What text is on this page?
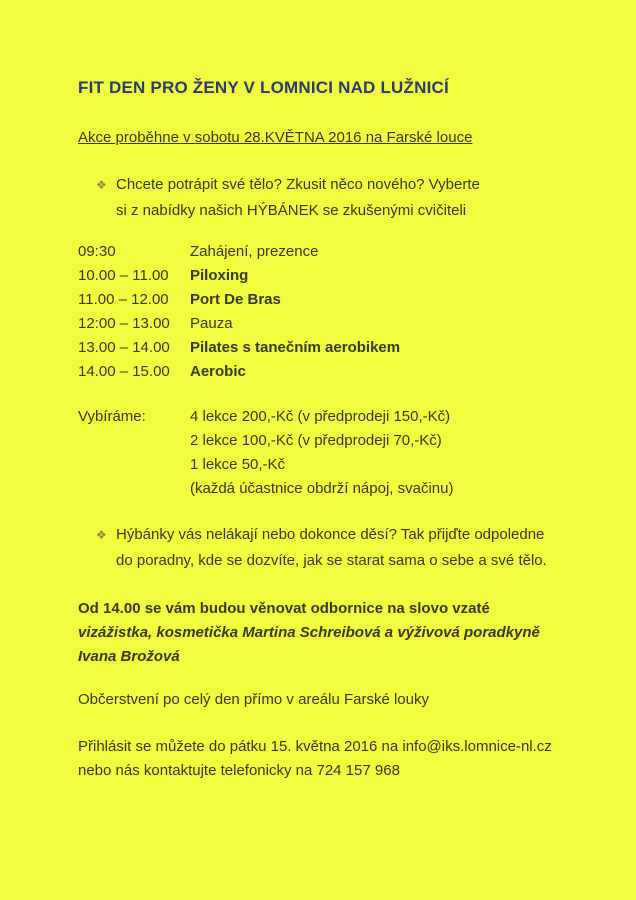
FIT DEN PRO ŽENY V LOMNICI NAD LUŽNICÍ
Akce proběhne v sobotu 28.KVĚTNA 2016 na Farské louce
❖ Chcete potrápit své tělo? Zkusit něco nového? Vyberte
si z nabídky našich HÝBÁNEK se zkušenými cvičiteli
09:30	Zahájení, prezence
10.00 – 11.00 Piloxing
11.00 – 12.00 Port De Bras
12:00 – 13.00 Pauza
13.00 – 14.00 Pilates s tanečním aerobikem
14.00 – 15.00 Aerobic
Vybíráme:	4 lekce 200,-Kč (v předprodeji 150,-Kč)
2 lekce 100,-Kč (v předprodeji 70,-Kč)
1 lekce 50,-Kč
(každá účastnice obdrží nápoj, svačinu)
❖ Hýbánky vás nelákají nebo dokonce děsí? Tak přijďte odpoledne
do poradny, kde se dozvíte, jak se starat sama o sebe a své tělo.
Od 14.00 se vám budou věnovat odbornice na slovo vzaté
vizážistka, kosmetička Martina Schreibová a výživová poradkyně
Ivana Brožová
Občerstvení po celý den přímo v areálu Farské louky
Přihlásit se můžete do pátku 15. května 2016 na info@iks.lomnice-nl.cz
nebo nás kontaktujte telefonicky na 724 157 968
